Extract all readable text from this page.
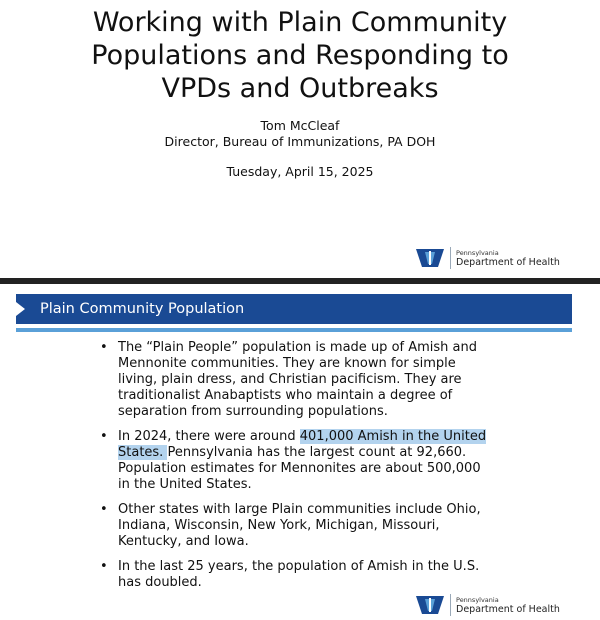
Working with Plain Community
Populations and Responding to
VPDs and Outbreaks
Tom McCleaf
Director, Bureau of Immunizations, PA DOH
Tuesday, April 15, 2025
Pennsylvania
Department of Health
Plain Community Population
• The “Plain People” population is made up of Amish and Mennonite communities. They are known for simple living, plain dress, and Christian pacificism. They are traditionalist Anabaptists who maintain a degree of separation from surrounding populations.
• In 2024, there were around 401,000 Amish in the United States. Pennsylvania has the largest count at 92,660. Population estimates for Mennonites are about 500,000 in the United States.
• Other states with large Plain communities include Ohio, Indiana, Wisconsin, New York, Michigan, Missouri, Kentucky, and Iowa.
• In the last 25 years, the population of Amish in the U.S. has doubled.
Pennsylvania
Department of Health
